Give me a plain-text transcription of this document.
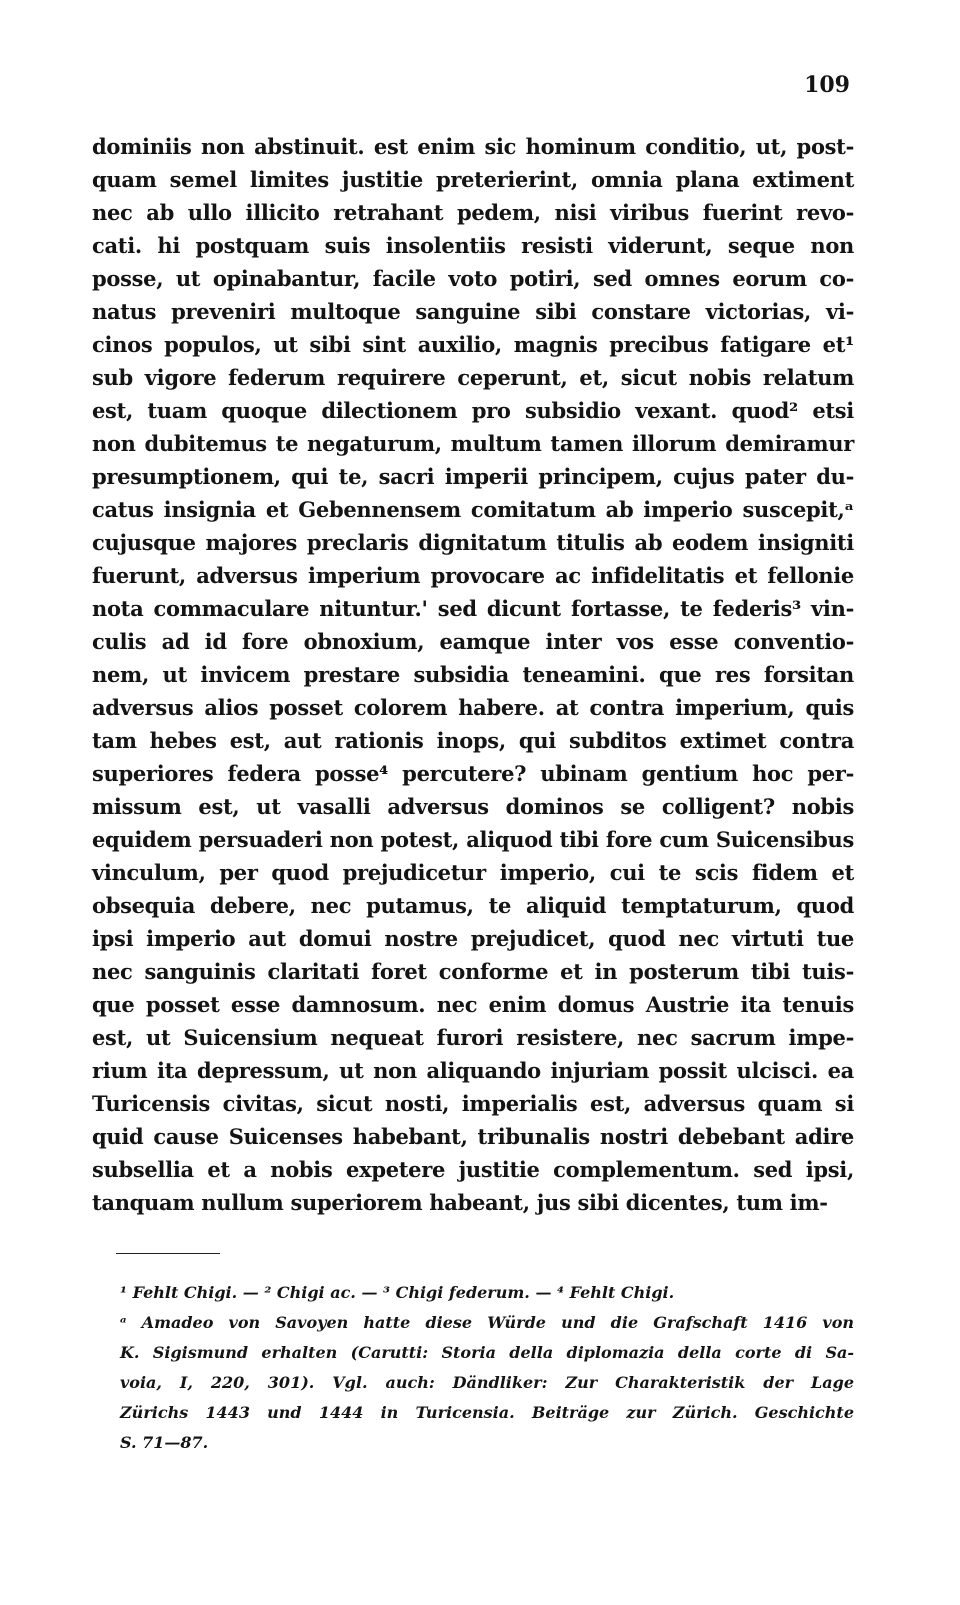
109
dominiis non abstinuit. est enim sic hominum conditio, ut, post-
quam semel limites justitie preterierint, omnia plana extiment
nec ab ullo illicito retrahant pedem, nisi viribus fuerint revo-
cati. hi postquam suis insolentiis resisti viderunt, seque non
posse, ut opinabantur, facile voto potiri, sed omnes eorum co-
natus preveniri multoque sanguine sibi constare victorias, vi-
cinos populos, ut sibi sint auxilio, magnis precibus fatigare et¹
sub vigore federum requirere ceperunt, et, sicut nobis relatum
est, tuam quoque dilectionem pro subsidio vexant. quod² etsi
non dubitemus te negaturum, multum tamen illorum demiramur
presumptionem, qui te, sacri imperii principem, cujus pater du-
catus insignia et Gebennensem comitatum ab imperio suscepit,ᵃ
cujusque majores preclaris dignitatum titulis ab eodem insigniti
fuerunt, adversus imperium provocare ac infidelitatis et fellonie
nota commaculare nituntur.' sed dicunt fortasse, te federis³ vin-
culis ad id fore obnoxium, eamque inter vos esse conventio-
nem, ut invicem prestare subsidia teneamini. que res forsitan
adversus alios posset colorem habere. at contra imperium, quis
tam hebes est, aut rationis inops, qui subditos extimet contra
superiores federa posse⁴ percutere? ubinam gentium hoc per-
missum est, ut vasalli adversus dominos se colligent? nobis
equidem persuaderi non potest, aliquod tibi fore cum Suicensibus
vinculum, per quod prejudicetur imperio, cui te scis fidem et
obsequia debere, nec putamus, te aliquid temptaturum, quod
ipsi imperio aut domui nostre prejudicet, quod nec virtuti tue
nec sanguinis claritati foret conforme et in posterum tibi tuis-
que posset esse damnosum. nec enim domus Austrie ita tenuis
est, ut Suicensium nequeat furori resistere, nec sacrum impe-
rium ita depressum, ut non aliquando injuriam possit ulcisci. ea
Turicensis civitas, sicut nosti, imperialis est, adversus quam si
quid cause Suicenses habebant, tribunalis nostri debebant adire
subsellia et a nobis expetere justitie complementum. sed ipsi,
tanquam nullum superiorem habeant, jus sibi dicentes, tum im-
¹ Fehlt Chigi. — ² Chigi ac. — ³ Chigi federum. — ⁴ Fehlt Chigi.
ᵃ Amadeo von Savoyen hatte diese Würde und die Grafschaft 1416 von
K. Sigismund erhalten (Carutti: Storia della diplomazia della corte di Sa-
voia, I, 220, 301). Vgl. auch: Dändliker: Zur Charakteristik der Lage
Zürichs 1443 und 1444 in Turicensia. Beiträge zur Zürich. Geschichte
S. 71—87.
